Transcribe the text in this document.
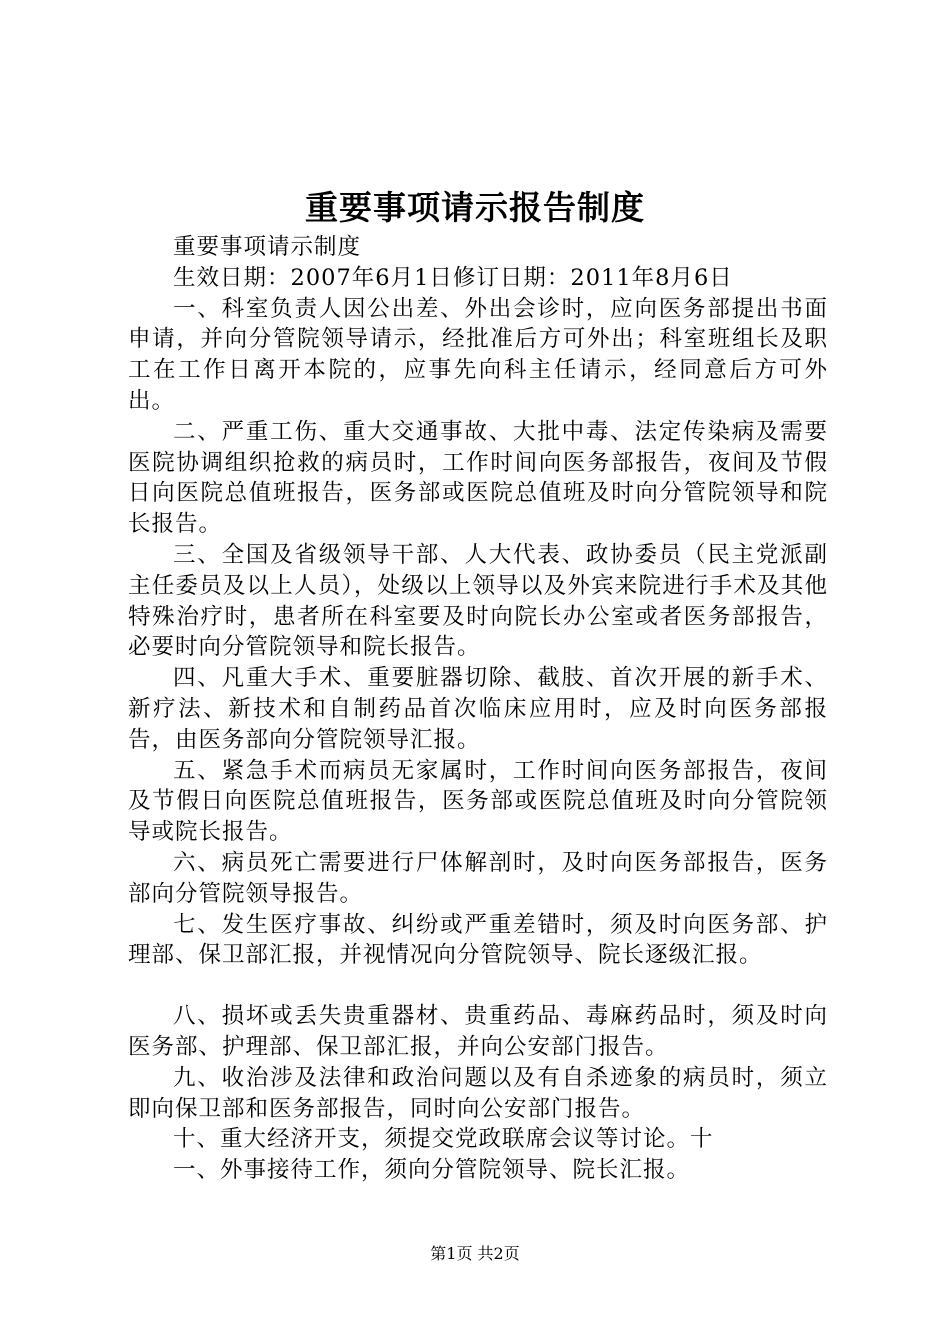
重要事项请示报告制度

重要事项请示制度

生效日期：2007年6月1日修订日期：2011年8月6日

一、科室负责人因公出差、外出会诊时，应向医务部提出书面申请，并向分管院领导请示，经批准后方可外出；科室班组长及职工在工作日离开本院的，应事先向科主任请示，经同意后方可外出。

二、严重工伤、重大交通事故、大批中毒、法定传染病及需要医院协调组织抢救的病员时，工作时间向医务部报告，夜间及节假日向医院总值班报告，医务部或医院总值班及时向分管院领导和院长报告。

三、全国及省级领导干部、人大代表、政协委员（民主党派副主任委员及以上人员），处级以上领导以及外宾来院进行手术及其他特殊治疗时，患者所在科室要及时向院长办公室或者医务部报告，必要时向分管院领导和院长报告。

四、凡重大手术、重要脏器切除、截肢、首次开展的新手术、新疗法、新技术和自制药品首次临床应用时，应及时向医务部报告，由医务部向分管院领导汇报。

五、紧急手术而病员无家属时，工作时间向医务部报告，夜间及节假日向医院总值班报告，医务部或医院总值班及时向分管院领导或院长报告。

六、病员死亡需要进行尸体解剖时，及时向医务部报告，医务部向分管院领导报告。

七、发生医疗事故、纠纷或严重差错时，须及时向医务部、护理部、保卫部汇报，并视情况向分管院领导、院长逐级汇报。

八、损坏或丢失贵重器材、贵重药品、毒麻药品时，须及时向医务部、护理部、保卫部汇报，并向公安部门报告。

九、收治涉及法律和政治问题以及有自杀迹象的病员时，须立即向保卫部和医务部报告，同时向公安部门报告。

十、重大经济开支，须提交党政联席会议等讨论。十

一、外事接待工作，须向分管院领导、院长汇报。

第1页 共2页
